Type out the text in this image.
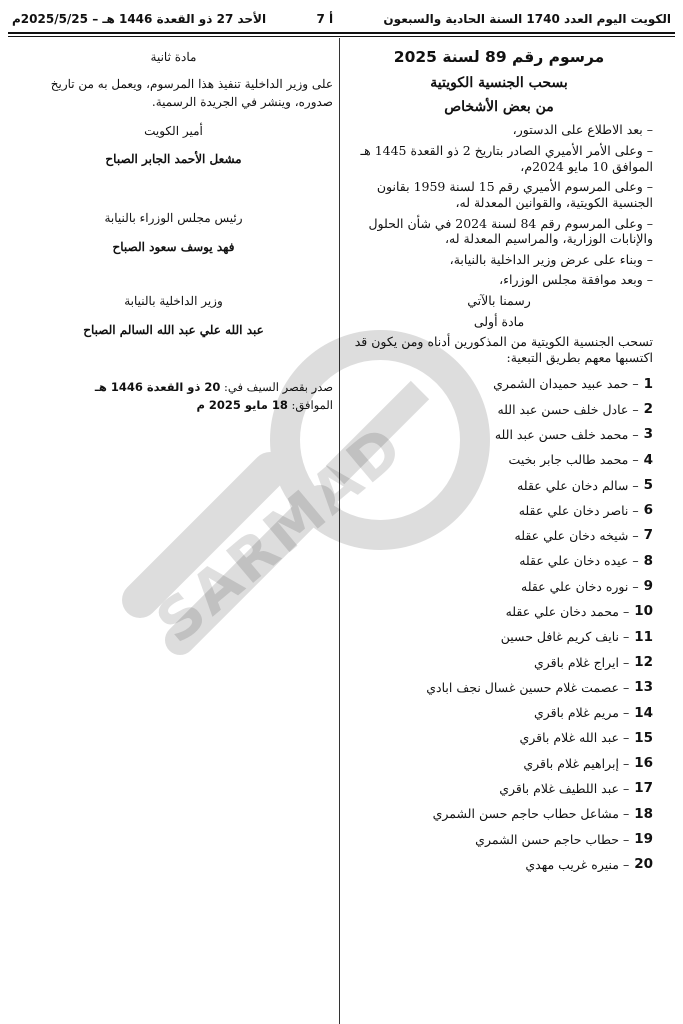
الكويت اليوم العدد 1740 السنة الحادية والسبعون
أ 7
الأحد 27 ذو القعدة 1446 هـ – 2025/5/25م
مرسوم رقم 89 لسنة 2025
بسحب الجنسية الكويتية
من بعض الأشخاص

– بعد الاطلاع على الدستور،

– وعلى الأمر الأميري الصادر بتاريخ 2 ذو القعدة 1445 هـ الموافق 10 مايو 2024م،

– وعلى المرسوم الأميري رقم 15 لسنة 1959 بقانون الجنسية الكويتية، والقوانين المعدلة له،

– وعلى المرسوم رقم 84 لسنة 2024 في شأن الحلول والإنابات الوزارية، والمراسيم المعدلة له،

– وبناء على عرض وزير الداخلية بالنيابة،

– وبعد موافقة مجلس الوزراء،

رسمنا بالآتي
مادة أولى

تسحب الجنسية الكويتية من المذكورين أدناه ومن يكون قد اكتسبها معهم بطريق التبعية:

1
– حمد عبيد حميدان الشمري
2
– عادل خلف حسن عبد الله
3
– محمد خلف حسن عبد الله
4
– محمد طالب جابر بخيت
5
– سالم دخان علي عقله
6
– ناصر دخان علي عقله
7
– شيخه دخان علي عقله
8
– عيده دخان علي عقله
9
– نوره دخان علي عقله
10
– محمد دخان علي عقله
11
– نايف كريم غافل حسين
12
– ايراج غلام باقري
13
– عصمت غلام حسين غسال نجف ابادي
14
– مريم غلام باقري
15
– عبد الله غلام باقري
16
– إبراهيم غلام باقري
17
– عبد اللطيف غلام باقري
18
– مشاعل حطاب حاجم حسن الشمري
19
– حطاب حاجم حسن الشمري
20
– منيره غريب مهدي
مادة ثانية

على وزير الداخلية تنفيذ هذا المرسوم، ويعمل به من تاريخ صدوره، وينشر في الجريدة الرسمية.

أمير الكويت
مشعل الأحمد الجابر الصباح
رئيس مجلس الوزراء بالنيابة
فهد يوسف سعود الصباح
وزير الداخلية بالنيابة
عبد الله علي عبد الله السالم الصباح
صدر بقصر السيف في: 20 ذو القعدة 1446 هـ
الموافق: 18 مايو 2025 م
SARMAD
